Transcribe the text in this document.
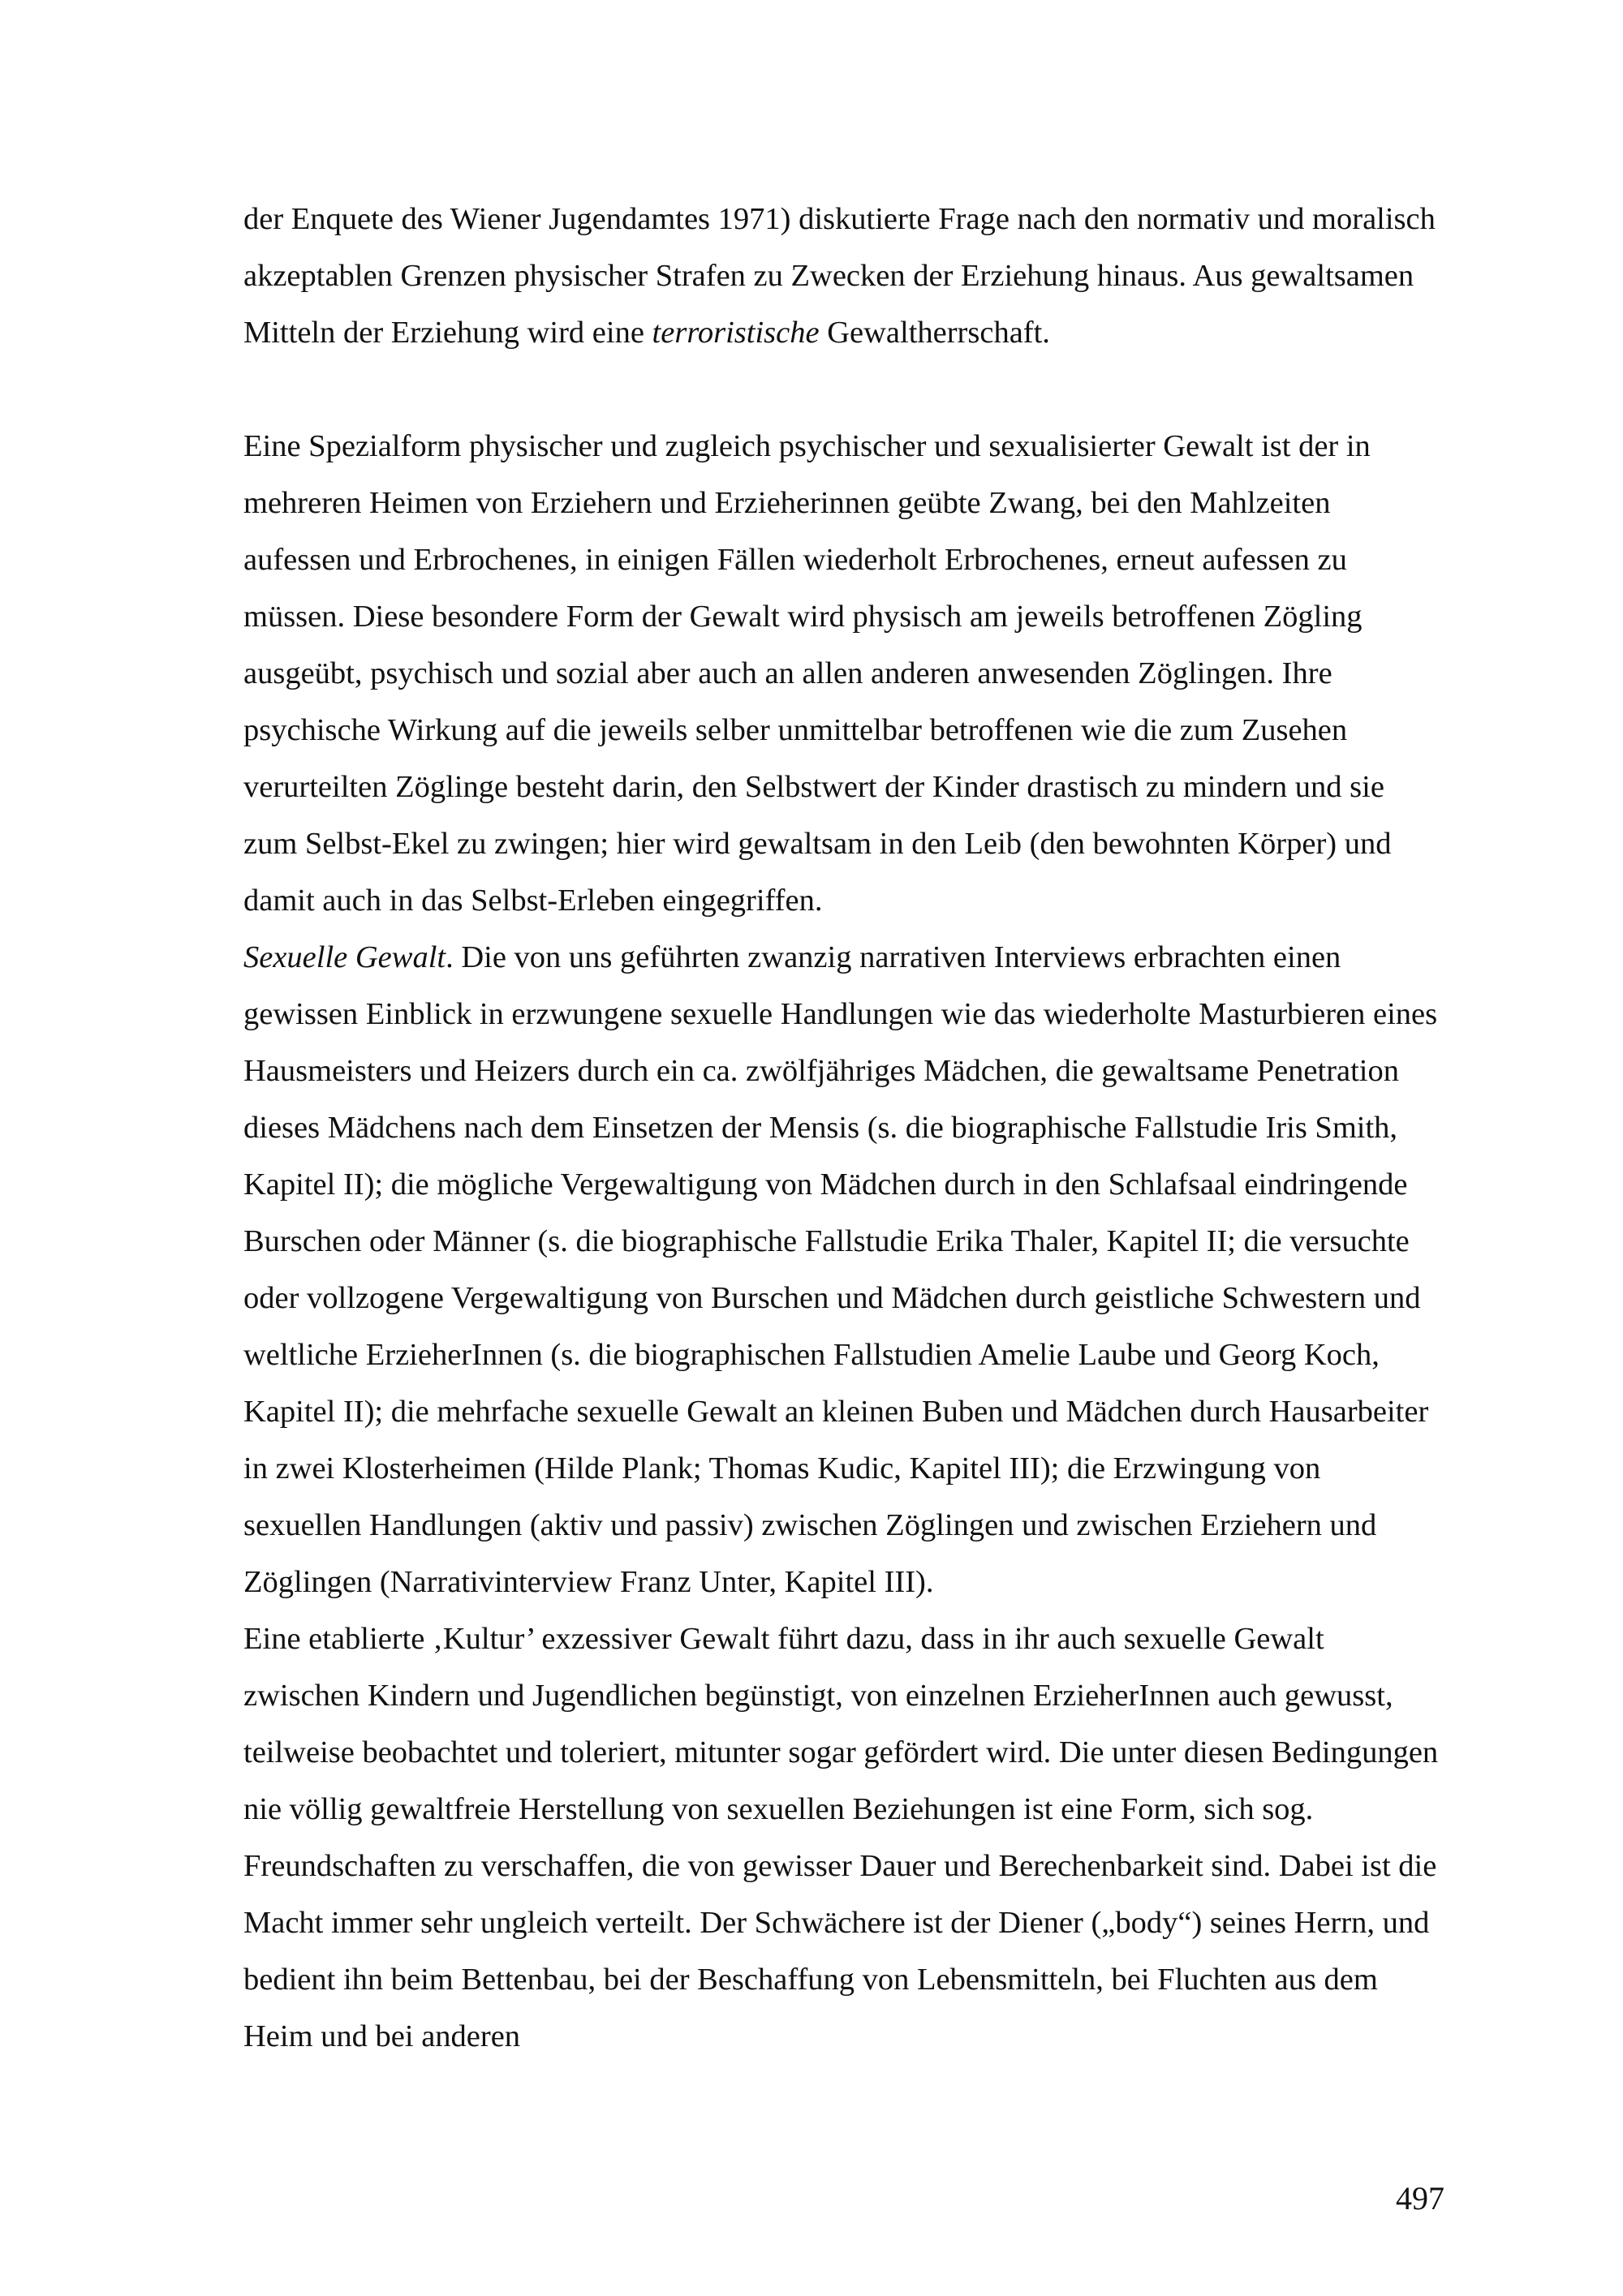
der Enquete des Wiener Jugendamtes 1971) diskutierte Frage nach den normativ und moralisch akzeptablen Grenzen physischer Strafen zu Zwecken der Erziehung hinaus. Aus gewaltsamen Mitteln der Erziehung wird eine terroristische Gewaltherrschaft.

Eine Spezialform physischer und zugleich psychischer und sexualisierter Gewalt ist der in mehreren Heimen von Erziehern und Erzieherinnen geübte Zwang, bei den Mahlzeiten aufessen und Erbrochenes, in einigen Fällen wiederholt Erbrochenes, erneut aufessen zu müssen. Diese besondere Form der Gewalt wird physisch am jeweils betroffenen Zögling ausgeübt, psychisch und sozial aber auch an allen anderen anwesenden Zöglingen. Ihre psychische Wirkung auf die jeweils selber unmittelbar betroffenen wie die zum Zusehen verurteilten Zöglinge besteht darin, den Selbstwert der Kinder drastisch zu mindern und sie zum Selbst-Ekel zu zwingen; hier wird gewaltsam in den Leib (den bewohnten Körper) und damit auch in das Selbst-Erleben eingegriffen.

Sexuelle Gewalt. Die von uns geführten zwanzig narrativen Interviews erbrachten einen gewissen Einblick in erzwungene sexuelle Handlungen wie das wiederholte Masturbieren eines Hausmeisters und Heizers durch ein ca. zwölfjähriges Mädchen, die gewaltsame Penetration dieses Mädchens nach dem Einsetzen der Mensis (s. die biographische Fallstudie Iris Smith, Kapitel II); die mögliche Vergewaltigung von Mädchen durch in den Schlafsaal eindringende Burschen oder Männer (s. die biographische Fallstudie Erika Thaler, Kapitel II; die versuchte oder vollzogene Vergewaltigung von Burschen und Mädchen durch geistliche Schwestern und weltliche ErzieherInnen (s. die biographischen Fallstudien Amelie Laube und Georg Koch, Kapitel II); die mehrfache sexuelle Gewalt an kleinen Buben und Mädchen durch Hausarbeiter in zwei Klosterheimen (Hilde Plank; Thomas Kudic, Kapitel III); die Erzwingung von sexuellen Handlungen (aktiv und passiv) zwischen Zöglingen und zwischen Erziehern und Zöglingen (Narrativinterview Franz Unter, Kapitel III).

Eine etablierte ‚Kultur’ exzessiver Gewalt führt dazu, dass in ihr auch sexuelle Gewalt zwischen Kindern und Jugendlichen begünstigt, von einzelnen ErzieherInnen auch gewusst, teilweise beobachtet und toleriert, mitunter sogar gefördert wird. Die unter diesen Bedingungen nie völlig gewaltfreie Herstellung von sexuellen Beziehungen ist eine Form, sich sog. Freundschaften zu verschaffen, die von gewisser Dauer und Berechenbarkeit sind. Dabei ist die Macht immer sehr ungleich verteilt. Der Schwächere ist der Diener („body“) seines Herrn, und bedient ihn beim Bettenbau, bei der Beschaffung von Lebensmitteln, bei Fluchten aus dem Heim und bei anderen

497
